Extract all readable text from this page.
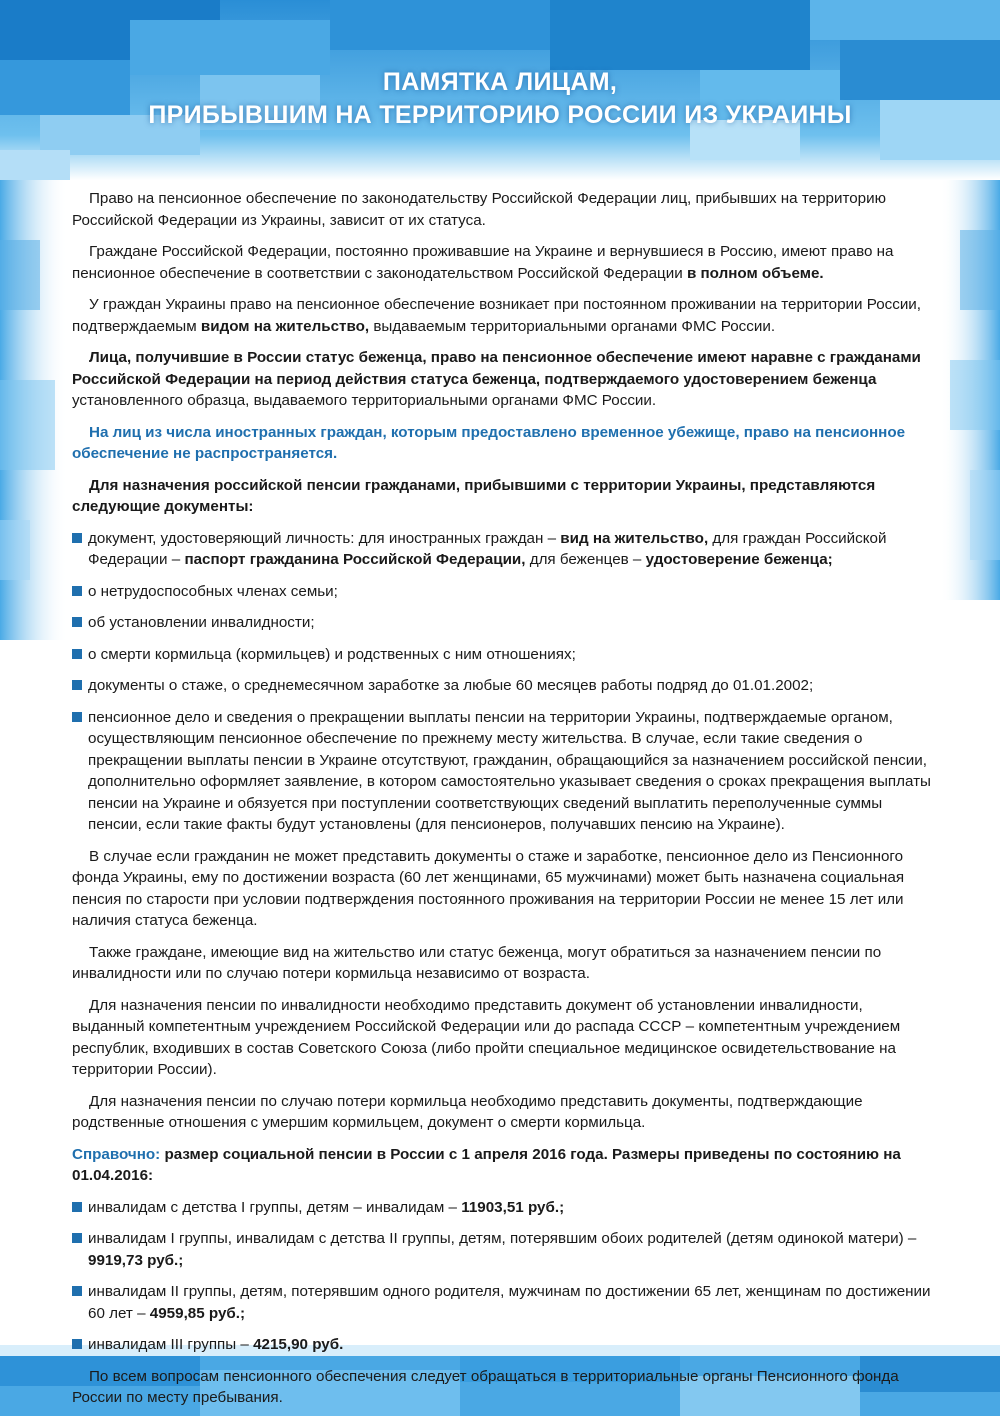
ПАМЯТКА ЛИЦАМ,
ПРИБЫВШИМ НА ТЕРРИТОРИЮ РОССИИ ИЗ УКРАИНЫ

Право на пенсионное обеспечение по законодательству Российской Федерации лиц, прибывших на территорию Российской Федерации из Украины, зависит от их статуса.

Граждане Российской Федерации, постоянно проживавшие на Украине и вернувшиеся в Россию, имеют право на пенсионное обеспечение в соответствии с законодательством Российской Федерации в полном объеме.

У граждан Украины право на пенсионное обеспечение возникает при постоянном проживании на территории России, подтверждаемым видом на жительство, выдаваемым территориальными органами ФМС России.

Лица, получившие в России статус беженца, право на пенсионное обеспечение имеют наравне с гражданами Российской Федерации на период действия статуса беженца, подтверждаемого удостоверением беженца установленного образца, выдаваемого территориальными органами ФМС России.

На лиц из числа иностранных граждан, которым предоставлено временное убежище, право на пенсионное обеспечение не распространяется.

Для назначения российской пенсии гражданами, прибывшими с территории Украины, представляются следующие документы:

документ, удостоверяющий личность: для иностранных граждан – вид на жительство, для граждан Российской Федерации – паспорт гражданина Российской Федерации, для беженцев – удостоверение беженца;
о нетрудоспособных членах семьи;
об установлении инвалидности;
о смерти кормильца (кормильцев) и родственных с ним отношениях;
документы о стаже, о среднемесячном заработке за любые 60 месяцев работы подряд до 01.01.2002;
пенсионное дело и сведения о прекращении выплаты пенсии на территории Украины, подтверждаемые органом, осуществляющим пенсионное обеспечение по прежнему месту жительства. В случае, если такие сведения о прекращении выплаты пенсии в Украине отсутствуют, гражданин, обращающийся за назначением российской пенсии, дополнительно оформляет заявление, в котором самостоятельно указывает сведения о сроках прекращения выплаты пенсии на Украине и обязуется при поступлении соответствующих сведений выплатить переполученные суммы пенсии, если такие факты будут установлены (для пенсионеров, получавших пенсию на Украине).

В случае если гражданин не может представить документы о стаже и заработке, пенсионное дело из Пенсионного фонда Украины, ему по достижении возраста (60 лет женщинами, 65 мужчинами) может быть назначена социальная пенсия по старости при условии подтверждения постоянного проживания на территории России не менее 15 лет или наличия статуса беженца.

Также граждане, имеющие вид на жительство или статус беженца, могут обратиться за назначением пенсии по инвалидности или по случаю потери кормильца независимо от возраста.

Для назначения пенсии по инвалидности необходимо представить документ об установлении инвалидности, выданный компетентным учреждением Российской Федерации или до распада СССР – компетентным учреждением республик, входивших в состав Советского Союза (либо пройти специальное медицинское освидетельствование на территории России).

Для назначения пенсии по случаю потери кормильца необходимо представить документы, подтверждающие родственные отношения с умершим кормильцем, документ о смерти кормильца.

Справочно: размер социальной пенсии в России с 1 апреля 2016 года. Размеры приведены по состоянию на 01.04.2016:

инвалидам с детства I группы, детям – инвалидам – 11903,51 руб.;
инвалидам I группы, инвалидам с детства II группы, детям, потерявшим обоих родителей (детям одинокой матери) – 9919,73 руб.;
инвалидам II группы, детям, потерявшим одного родителя, мужчинам по достижении 65 лет, женщинам по достижении 60 лет – 4959,85 руб.;
инвалидам III группы – 4215,90 руб.

По всем вопросам пенсионного обеспечения следует обращаться в территориальные органы Пенсионного фонда России по месту пребывания.
